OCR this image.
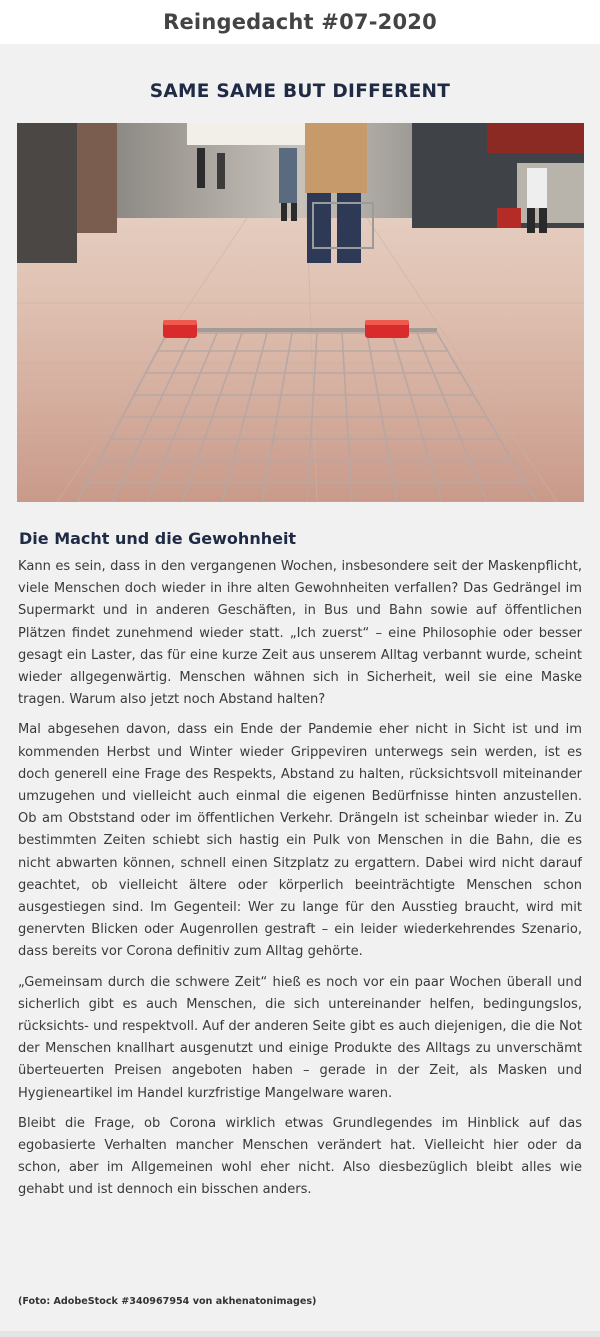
Reingedacht #07-2020
SAME SAME BUT DIFFERENT
Die Macht und die Gewohnheit

Kann es sein, dass in den vergangenen Wochen, insbesondere seit der Maskenpflicht, viele Menschen doch wieder in ihre alten Gewohnheiten verfallen? Das Gedrängel im Supermarkt und in anderen Geschäften, in Bus und Bahn sowie auf öffentlichen Plätzen findet zunehmend wieder statt. „Ich zuerst“ – eine Philosophie oder besser gesagt ein Laster, das für eine kurze Zeit aus unserem Alltag verbannt wurde, scheint wieder allgegenwärtig. Menschen wähnen sich in Sicherheit, weil sie eine Maske tragen. Warum also jetzt noch Abstand halten?

Mal abgesehen davon, dass ein Ende der Pandemie eher nicht in Sicht ist und im kommenden Herbst und Winter wieder Grippeviren unterwegs sein werden, ist es doch generell eine Frage des Respekts, Abstand zu halten, rücksichtsvoll miteinander umzugehen und vielleicht auch einmal die eigenen Bedürfnisse hinten anzustellen. Ob am Obststand oder im öffentlichen Verkehr. Drängeln ist scheinbar wieder in. Zu bestimmten Zeiten schiebt sich hastig ein Pulk von Menschen in die Bahn, die es nicht abwarten können, schnell einen Sitzplatz zu ergattern. Dabei wird nicht darauf geachtet, ob vielleicht ältere oder körperlich beeinträchtigte Menschen schon ausgestiegen sind. Im Gegenteil: Wer zu lange für den Ausstieg braucht, wird mit genervten Blicken oder Augenrollen gestraft – ein leider wiederkehrendes Szenario, dass bereits vor Corona definitiv zum Alltag gehörte.

„Gemeinsam durch die schwere Zeit“ hieß es noch vor ein paar Wochen überall und sicherlich gibt es auch Menschen, die sich untereinander helfen, bedingungslos, rücksichts- und respektvoll. Auf der anderen Seite gibt es auch diejenigen, die die Not der Menschen knallhart ausgenutzt und einige Produkte des Alltags zu unverschämt überteuerten Preisen angeboten haben – gerade in der Zeit, als Masken und Hygieneartikel im Handel kurzfristige Mangelware waren.

Bleibt die Frage, ob Corona wirklich etwas Grundlegendes im Hinblick auf das egobasierte Verhalten mancher Menschen verändert hat. Vielleicht hier oder da schon, aber im Allgemeinen wohl eher nicht. Also diesbezüglich bleibt alles wie gehabt und ist dennoch ein bisschen anders.

(Foto: AdobeStock #340967954 von akhenatonimages)
